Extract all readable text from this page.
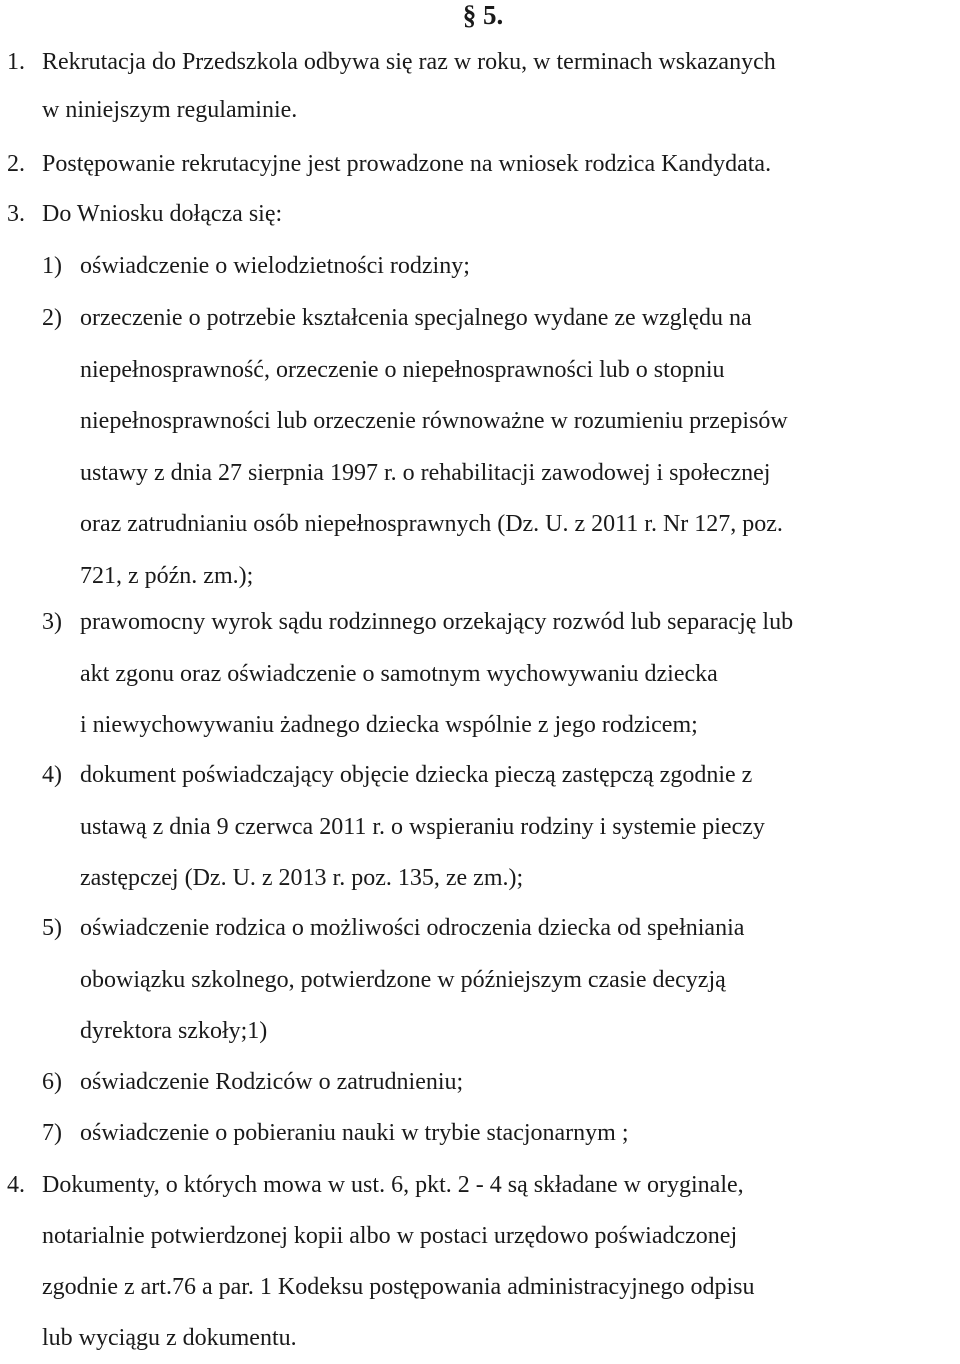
§ 5.
1. Rekrutacja do Przedszkola odbywa się raz w roku, w terminach wskazanych
w niniejszym regulaminie.
2. Postępowanie rekrutacyjne jest prowadzone na wniosek rodzica Kandydata.
3. Do Wniosku dołącza się:
1) oświadczenie o wielodzietności rodziny;
2) orzeczenie o potrzebie kształcenia specjalnego wydane ze względu na
niepełnosprawność, orzeczenie o niepełnosprawności lub o stopniu
niepełnosprawności lub orzeczenie równoważne w rozumieniu przepisów
ustawy z dnia 27 sierpnia 1997 r. o rehabilitacji zawodowej i społecznej
oraz zatrudnianiu osób niepełnosprawnych (Dz. U. z 2011 r. Nr 127, poz.
721, z późn. zm.);
3) prawomocny wyrok sądu rodzinnego orzekający rozwód lub separację lub
akt zgonu oraz oświadczenie o samotnym wychowywaniu dziecka
i niewychowywaniu żadnego dziecka wspólnie z jego rodzicem;
4) dokument poświadczający objęcie dziecka pieczą zastępczą zgodnie z
ustawą z dnia 9 czerwca 2011 r. o wspieraniu rodziny i systemie pieczy
zastępczej (Dz. U. z 2013 r. poz. 135, ze zm.);
5) oświadczenie rodzica o możliwości odroczenia dziecka od spełniania
obowiązku szkolnego, potwierdzone w późniejszym czasie decyzją
dyrektora szkoły;1)
6) oświadczenie Rodziców o zatrudnieniu;
7) oświadczenie o pobieraniu nauki w trybie stacjonarnym ;
4. Dokumenty, o których mowa w ust. 6, pkt. 2 - 4 są składane w oryginale,
notarialnie potwierdzonej kopii albo w postaci urzędowo poświadczonej
zgodnie z art.76 a par. 1 Kodeksu postępowania administracyjnego odpisu
lub wyciągu z dokumentu.
